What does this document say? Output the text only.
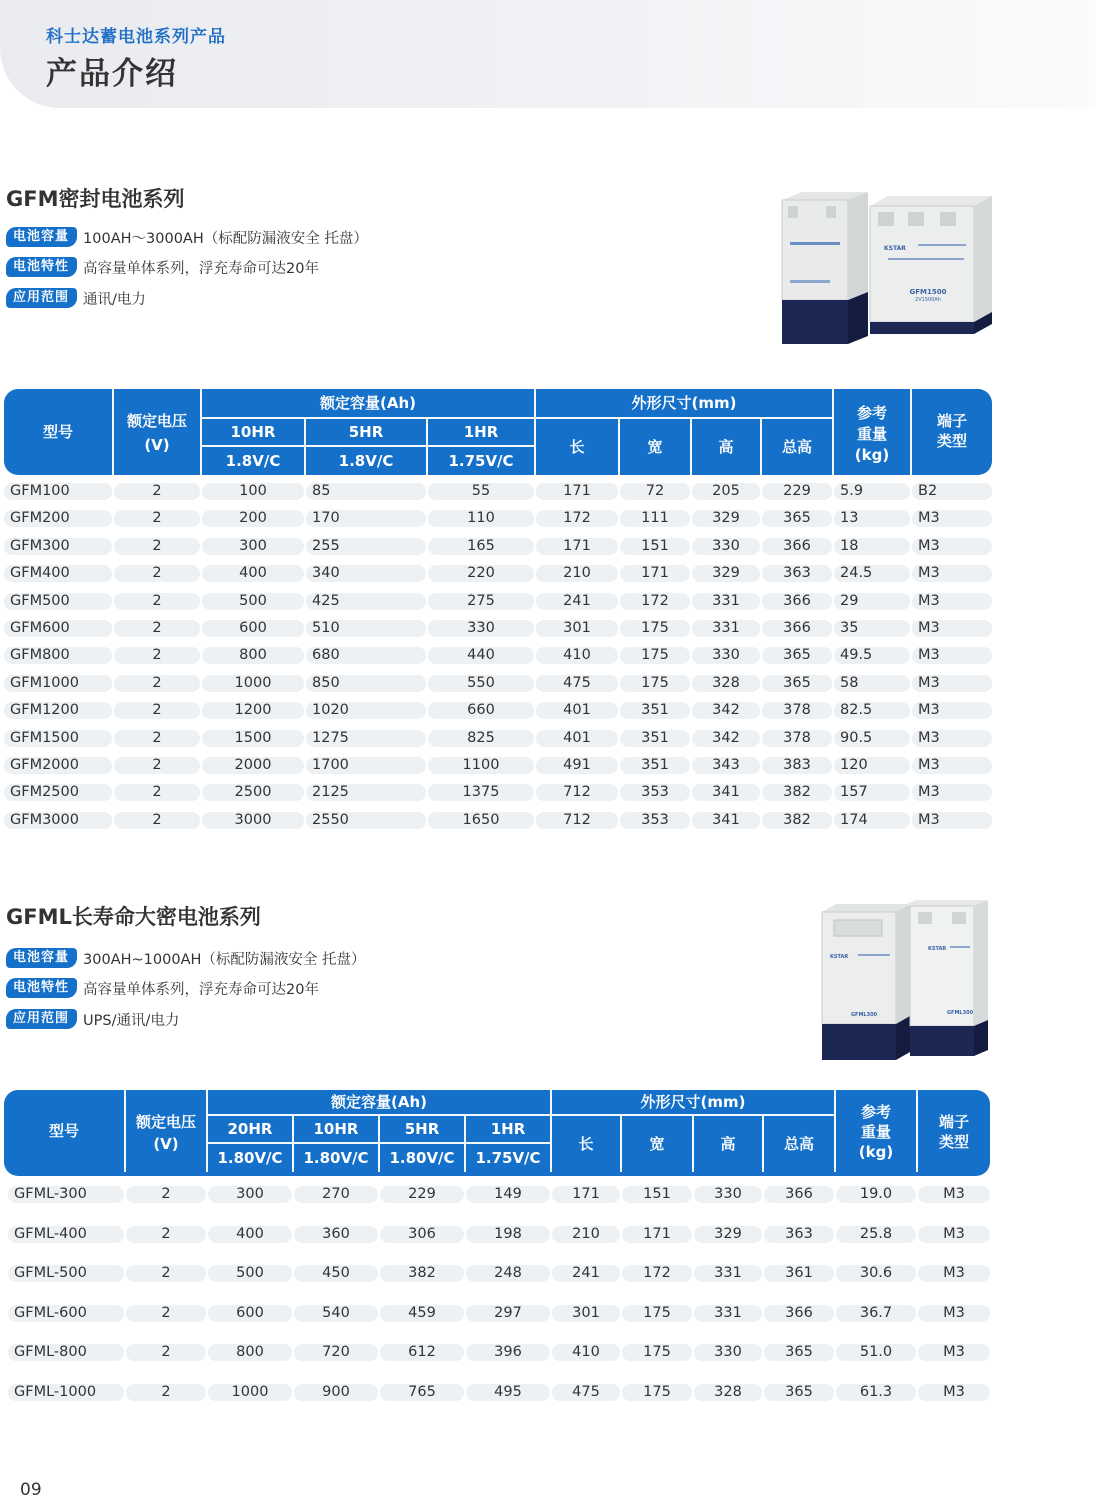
科士达蓄电池系列产品
产品介绍
GFM密封电池系列
电池容量 100AH～3000AH（标配防漏液安全 托盘）
电池特性 高容量单体系列，浮充寿命可达20年
应用范围 通讯/电力
KSTAR
GFM1500
2V1500Ah
型号
额定电压
(V)
额定容量(Ah)
10HR	5HR	1HR
1.8V/C	1.8V/C	1.75V/C
外形尺寸(mm)
长	宽	高	总高
参考
重量
(kg)
端子
类型
GFM100	2	100	85	55	171	72	205	229	5.9	B2
GFM200	2	200	170	110	172	111	329	365	13	M3
GFM300	2	300	255	165	171	151	330	366	18	M3
GFM400	2	400	340	220	210	171	329	363	24.5	M3
GFM500	2	500	425	275	241	172	331	366	29	M3
GFM600	2	600	510	330	301	175	331	366	35	M3
GFM800	2	800	680	440	410	175	330	365	49.5	M3
GFM1000	2	1000	850	550	475	175	328	365	58	M3
GFM1200	2	1200	1020	660	401	351	342	378	82.5	M3
GFM1500	2	1500	1275	825	401	351	342	378	90.5	M3
GFM2000	2	2000	1700	1100	491	351	343	383	120	M3
GFM2500	2	2500	2125	1375	712	353	341	382	157	M3
GFM3000	2	3000	2550	1650	712	353	341	382	174	M3
GFML长寿命大密电池系列
电池容量 300AH~1000AH（标配防漏液安全 托盘）
电池特性 高容量单体系列，浮充寿命可达20年
应用范围 UPS/通讯/电力
KSTAR
GFML300
KSTAR
GFML300
型号	额定电压
(V)
额定容量(Ah)
20HR	10HR	5HR	1HR
1.80V/C	1.80V/C	1.80V/C	1.75V/C
外形尺寸(mm)
长	宽	高	总高
参考
重量
(kg)
端子
类型
GFML-300	2	300	270	229	149	171	151	330	366	19.0	M3
GFML-400	2	400	360	306	198	210	171	329	363	25.8	M3
GFML-500	2	500	450	382	248	241	172	331	361	30.6	M3
GFML-600	2	600	540	459	297	301	175	331	366	36.7	M3
GFML-800	2	800	720	612	396	410	175	330	365	51.0	M3
GFML-1000	2	1000	900	765	495	475	175	328	365	61.3	M3
09
